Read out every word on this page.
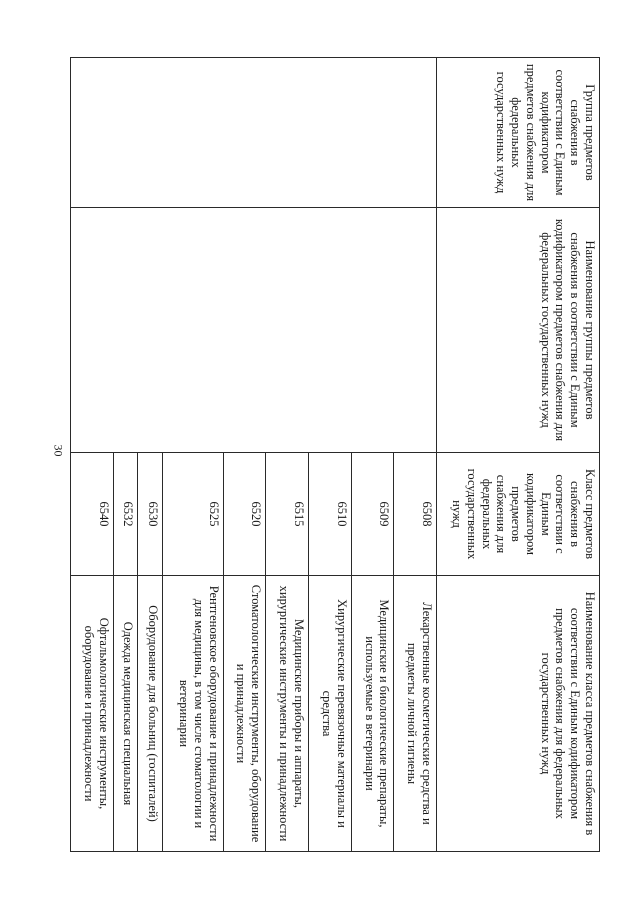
30
Группа предметов снабжения в соответствии с Единым кодификатором предметов снабжения для федеральных государственных нужд	Наименование группы предметов снабжения в соответствии с Единым кодификатором предметов снабжения для федеральных государственных нужд	Класс предметов снабжения в соответствии с Единым кодификатором предметов снабжения для федеральных государственных нужд	Наименование класса предметов снабжения в соответствии с Единым кодификатором предметов снабжения для федеральных государственных нужд
		6508	Лекарственные косметические средства и предметы личной гигиены
		6509	Медицинские и биологические препараты, используемые в ветеринарии
		6510	Хирургические перевязочные материалы и средства
		6515	Медицинские приборы и аппараты, хирургические инструменты и принадлежности
		6520	Стоматологические инструменты, оборудование и принадлежности
		6525	Рентгеновское оборудование и принадлежности для медицины, в том числе стоматологии и ветеринарии
		6530	Оборудование для больниц (госпиталей)
		6532	Одежда медицинская специальная
		6540	Офтальмологические инструменты, оборудование и принадлежности
